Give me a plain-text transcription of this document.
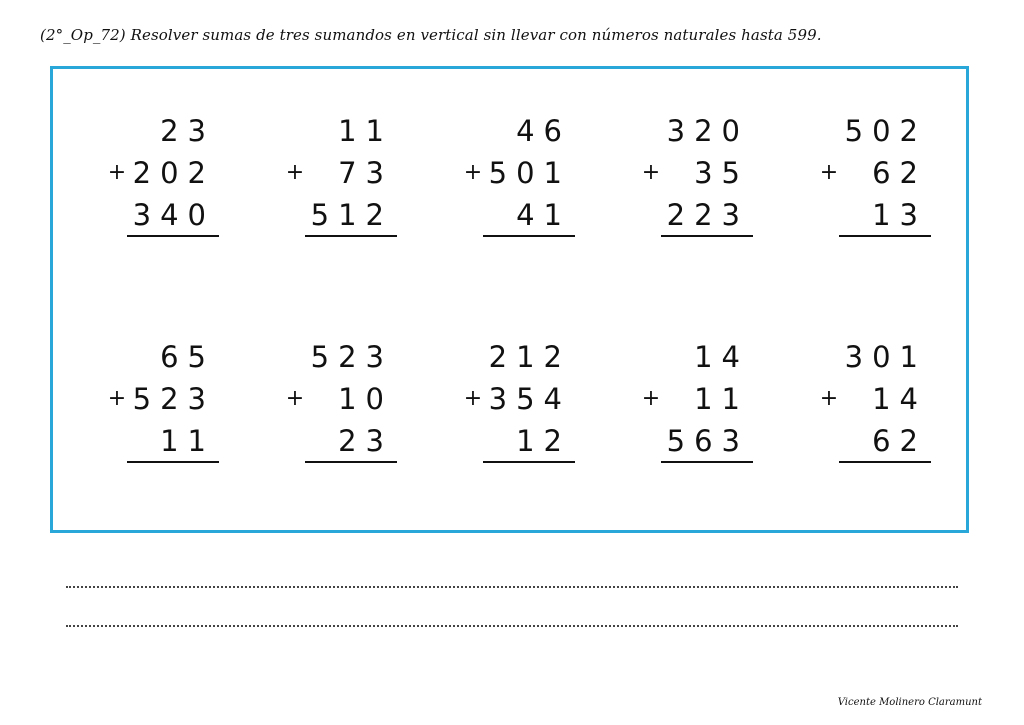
(2°_Op_72) Resolver sumas de tres sumandos en vertical sin llevar con números naturales hasta 599.
23
+ 202
340
11
+ 73
512
46
+ 501
41
320
+ 35
223
502
+ 62
13
65
+ 523
11
523
+ 10
23
212
+ 354
12
14
+ 11
563
301
+ 14
62
Vicente Molinero Claramunt
